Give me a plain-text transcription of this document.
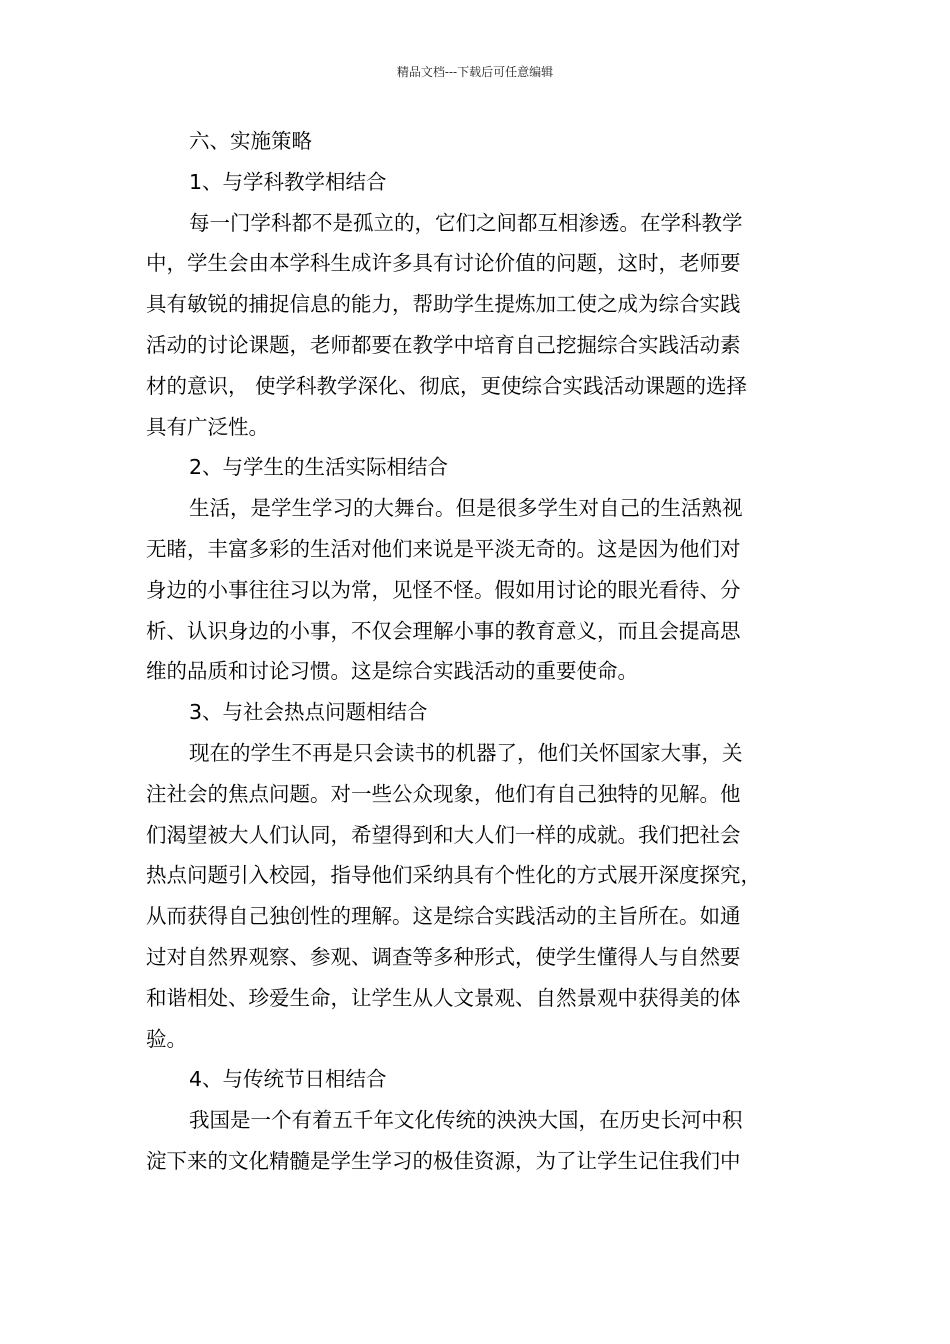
精品文档---下载后可任意编辑
六、实施策略
1、与学科教学相结合
每一门学科都不是孤立的，它们之间都互相渗透。在学科教学
中，学生会由本学科生成许多具有讨论价值的问题，这时，老师要
具有敏锐的捕捉信息的能力，帮助学生提炼加工使之成为综合实践
活动的讨论课题，老师都要在教学中培育自己挖掘综合实践活动素
材的意识， 使学科教学深化、彻底，更使综合实践活动课题的选择
具有广泛性。
2、与学生的生活实际相结合
生活，是学生学习的大舞台。但是很多学生对自己的生活熟视
无睹，丰富多彩的生活对他们来说是平淡无奇的。这是因为他们对
身边的小事往往习以为常，见怪不怪。假如用讨论的眼光看待、分
析、认识身边的小事，不仅会理解小事的教育意义，而且会提高思
维的品质和讨论习惯。这是综合实践活动的重要使命。
3、与社会热点问题相结合
现在的学生不再是只会读书的机器了，他们关怀国家大事，关
注社会的焦点问题。对一些公众现象，他们有自己独特的见解。他
们渴望被大人们认同，希望得到和大人们一样的成就。我们把社会
热点问题引入校园，指导他们采纳具有个性化的方式展开深度探究，
从而获得自己独创性的理解。这是综合实践活动的主旨所在。如通
过对自然界观察、参观、调查等多种形式，使学生懂得人与自然要
和谐相处、珍爱生命，让学生从人文景观、自然景观中获得美的体
验。
4、与传统节日相结合
我国是一个有着五千年文化传统的泱泱大国，在历史长河中积
淀下来的文化精髓是学生学习的极佳资源，为了让学生记住我们中
